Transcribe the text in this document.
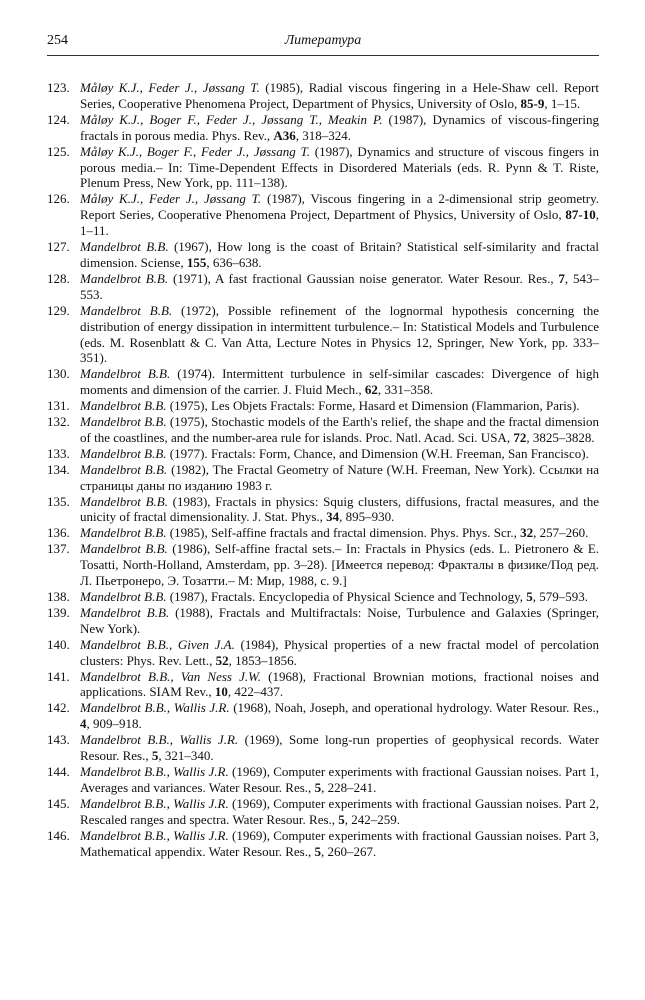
254	Литература
123. Måløy K.J., Feder J., Jøssang T. (1985), Radial viscous fingering in a Hele-Shaw cell. Report Series, Cooperative Phenomena Project, Department of Physics, University of Oslo, 85-9, 1–15.
124. Måløy K.J., Boger F., Feder J., Jøssang T., Meakin P. (1987), Dynamics of viscous-fingering fractals in porous media. Phys. Rev., A36, 318–324.
125. Måløy K.J., Boger F., Feder J., Jøssang T. (1987), Dynamics and structure of viscous fingers in porous media.– In: Time-Dependent Effects in Disordered Materials (eds. R. Pynn & T. Riste, Plenum Press, New York, pp. 111–138).
126. Måløy K.J., Feder J., Jøssang T. (1987), Viscous fingering in a 2-dimensional strip geometry. Report Series, Cooperative Phenomena Project, Department of Physics, University of Oslo, 87-10, 1–11.
127. Mandelbrot B.B. (1967), How long is the coast of Britain? Statistical self-similarity and fractal dimension. Sciense, 155, 636–638.
128. Mandelbrot B.B. (1971), A fast fractional Gaussian noise generator. Water Resour. Res., 7, 543–553.
129. Mandelbrot B.B. (1972), Possible refinement of the lognormal hypothesis concerning the distribution of energy dissipation in intermittent turbulence.– In: Statistical Models and Turbulence (eds. M. Rosenblatt & C. Van Atta, Lecture Notes in Physics 12, Springer, New York, pp. 333–351).
130. Mandelbrot B.B. (1974). Intermittent turbulence in self-similar cascades: Divergence of high moments and dimension of the carrier. J. Fluid Mech., 62, 331–358.
131. Mandelbrot B.B. (1975), Les Objets Fractals: Forme, Hasard et Dimension (Flammarion, Paris).
132. Mandelbrot B.B. (1975), Stochastic models of the Earth's relief, the shape and the fractal dimension of the coastlines, and the number-area rule for islands. Proc. Natl. Acad. Sci. USA, 72, 3825–3828.
133. Mandelbrot B.B. (1977). Fractals: Form, Chance, and Dimension (W.H. Freeman, San Francisco).
134. Mandelbrot B.B. (1982), The Fractal Geometry of Nature (W.H. Freeman, New York). Ссылки на страницы даны по изданию 1983 г.
135. Mandelbrot B.B. (1983), Fractals in physics: Squig clusters, diffusions, fractal measures, and the unicity of fractal dimensionality. J. Stat. Phys., 34, 895–930.
136. Mandelbrot B.B. (1985), Self-affine fractals and fractal dimension. Phys. Phys. Scr., 32, 257–260.
137. Mandelbrot B.B. (1986), Self-affine fractal sets.– In: Fractals in Physics (eds. L. Pietronero & E. Tosatti, North-Holland, Amsterdam, pp. 3–28). [Имеется перевод: Фракталы в физике/Под ред. Л. Пьетронеро, Э. Тозатти.– М: Мир, 1988, с. 9.]
138. Mandelbrot B.B. (1987), Fractals. Encyclopedia of Physical Science and Technology, 5, 579–593.
139. Mandelbrot B.B. (1988), Fractals and Multifractals: Noise, Turbulence and Galaxies (Springer, New York).
140. Mandelbrot B.B., Given J.A. (1984), Physical properties of a new fractal model of percolation clusters: Phys. Rev. Lett., 52, 1853–1856.
141. Mandelbrot B.B., Van Ness J.W. (1968), Fractional Brownian motions, fractional noises and applications. SIAM Rev., 10, 422–437.
142. Mandelbrot B.B., Wallis J.R. (1968), Noah, Joseph, and operational hydrology. Water Resour. Res., 4, 909–918.
143. Mandelbrot B.B., Wallis J.R. (1969), Some long-run properties of geophysical records. Water Resour. Res., 5, 321–340.
144. Mandelbrot B.B., Wallis J.R. (1969), Computer experiments with fractional Gaussian noises. Part 1, Averages and variances. Water Resour. Res., 5, 228–241.
145. Mandelbrot B.B., Wallis J.R. (1969), Computer experiments with fractional Gaussian noises. Part 2, Rescaled ranges and spectra. Water Resour. Res., 5, 242–259.
146. Mandelbrot B.B., Wallis J.R. (1969), Computer experiments with fractional Gaussian noises. Part 3, Mathematical appendix. Water Resour. Res., 5, 260–267.
